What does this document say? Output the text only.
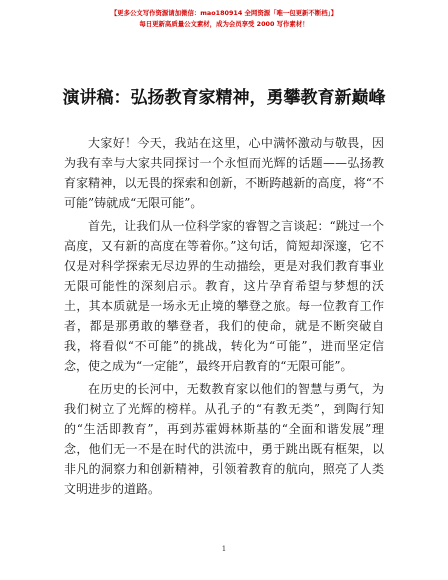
【更多公文写作资源请加微信：mao180914 全网资源「唯一包更新不断档」】
每日更新高质量公文素材，成为会员享受 2000 写作素材！
演讲稿：弘扬教育家精神，勇攀教育新巅峰

大家好！今天，我站在这里，心中满怀激动与敬畏，因为我有幸与大家共同探讨一个永恒而光辉的话题——弘扬教育家精神，以无畏的探索和创新，不断跨越新的高度，将“不可能”铸就成“无限可能”。

首先，让我们从一位科学家的睿智之言谈起：“跳过一个高度，又有新的高度在等着你。”这句话，简短却深邃，它不仅是对科学探索无尽边界的生动描绘，更是对我们教育事业无限可能性的深刻启示。教育，这片孕育希望与梦想的沃土，其本质就是一场永无止境的攀登之旅。每一位教育工作者，都是那勇敢的攀登者，我们的使命，就是不断突破自我，将看似“不可能”的挑战，转化为“可能”，进而坚定信念，使之成为“一定能”，最终开启教育的“无限可能”。

在历史的长河中，无数教育家以他们的智慧与勇气，为我们树立了光辉的榜样。从孔子的“有教无类”，到陶行知的“生活即教育”，再到苏霍姆林斯基的“全面和谐发展”理念，他们无一不是在时代的洪流中，勇于跳出既有框架，以非凡的洞察力和创新精神，引领着教育的航向，照亮了人类文明进步的道路。

1
